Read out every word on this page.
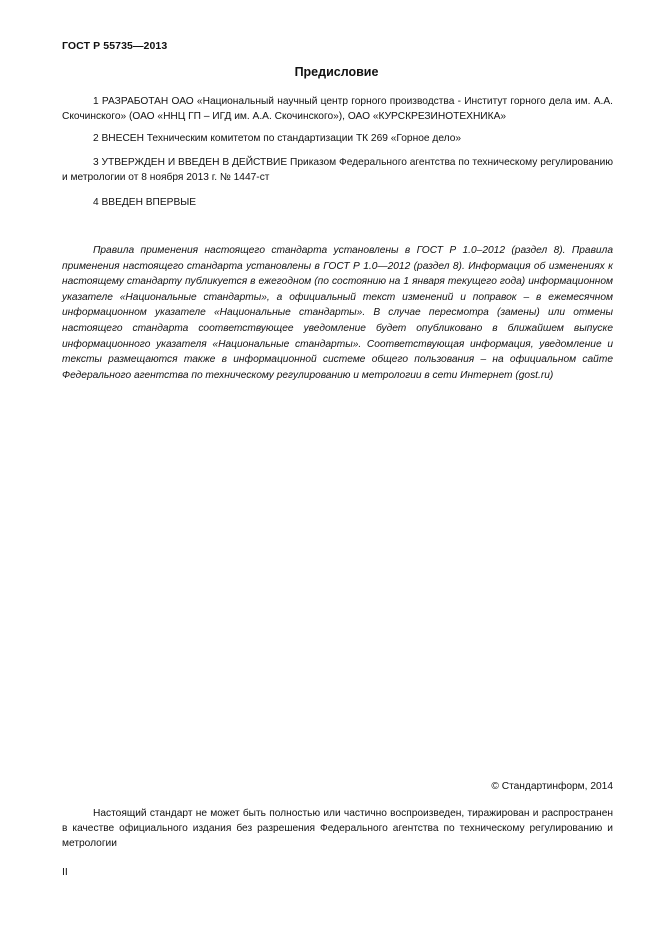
ГОСТ Р 55735—2013
Предисловие

1 РАЗРАБОТАН ОАО «Национальный научный центр горного производства - Институт горного дела им. А.А. Скочинского» (ОАО «ННЦ ГП – ИГД им. А.А. Скочинского»), ОАО «КУРСКРЕЗИНОТЕХНИКА»

2 ВНЕСЕН Техническим комитетом по стандартизации ТК 269 «Горное дело»

3 УТВЕРЖДЕН И ВВЕДЕН В ДЕЙСТВИЕ Приказом Федерального агентства по техническому регулированию и метрологии от 8 ноября 2013 г. № 1447-ст

4 ВВЕДЕН ВПЕРВЫЕ

Правила применения настоящего стандарта установлены в ГОСТ Р 1.0–2012 (раздел 8). Правила применения настоящего стандарта установлены в ГОСТ Р 1.0—2012 (раздел 8). Информация об изменениях к настоящему стандарту публикуется в ежегодном (по состоянию на 1 января текущего года) информационном указателе «Национальные стандарты», а официальный текст изменений и поправок – в ежемесячном информационном указателе «Национальные стандарты». В случае пересмотра (замены) или отмены настоящего стандарта соответствующее уведомление будет опубликовано в ближайшем выпуске информационного указателя «Национальные стандарты». Соответствующая информация, уведомление и тексты размещаются также в информационной системе общего пользования – на официальном сайте Федерального агентства по техническому регулированию и метрологии в сети Интернет (gost.ru)

© Стандартинформ, 2014

Настоящий стандарт не может быть полностью или частично воспроизведен, тиражирован и распространен в качестве официального издания без разрешения Федерального агентства по техническому регулированию и метрологии

II
